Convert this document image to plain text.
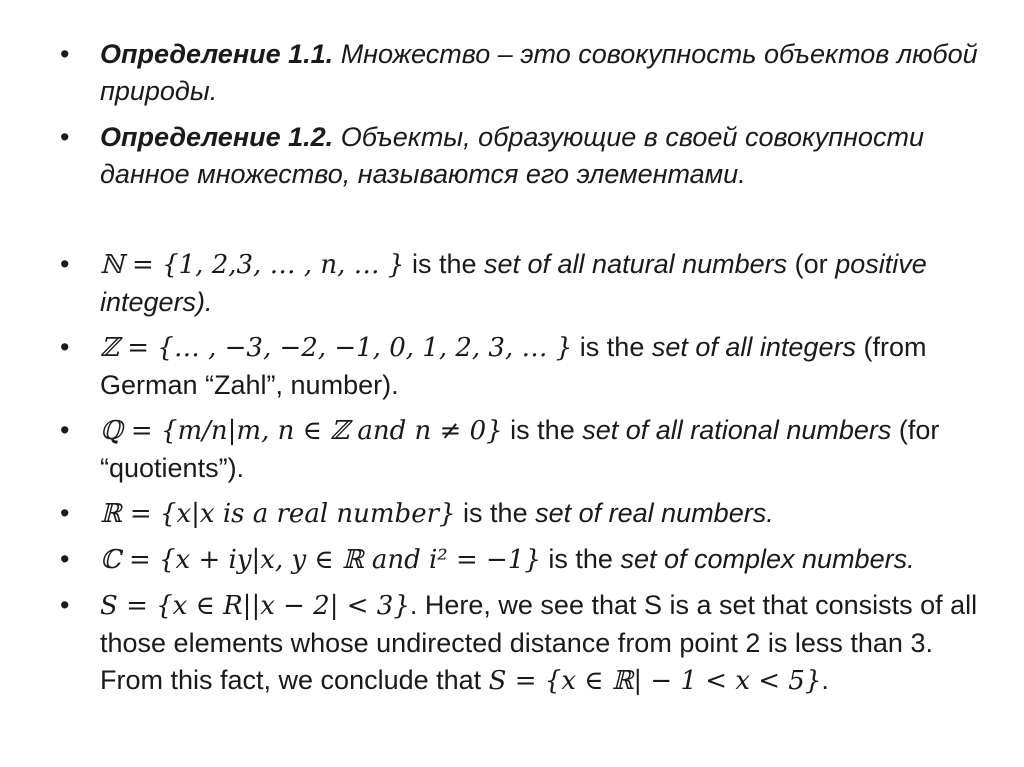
• Определение 1.1. Множество – это совокупность объектов любой природы.
• Определение 1.2. Объекты, образующие в своей совокупности данное множество, называются его элементами.
• ℕ = {1, 2,3, … , n, … } is the set of all natural numbers (or positive integers).
• ℤ = {… , −3, −2, −1, 0, 1, 2, 3, … } is the set of all integers (from German “Zahl”, number).
• ℚ = {m/n|m, n ∈ ℤ and n ≠ 0} is the set of all rational numbers (for “quotients”).
• ℝ = {x|x is a real number} is the set of real numbers.
• ℂ = {x + iy|x, y ∈ ℝ and i² = −1} is the set of complex numbers.
• S = {x ∈ R||x − 2| < 3}. Here, we see that S is a set that consists of all those elements whose undirected distance from point 2 is less than 3. From this fact, we conclude that S = {x ∈ ℝ| − 1 < x < 5}.
